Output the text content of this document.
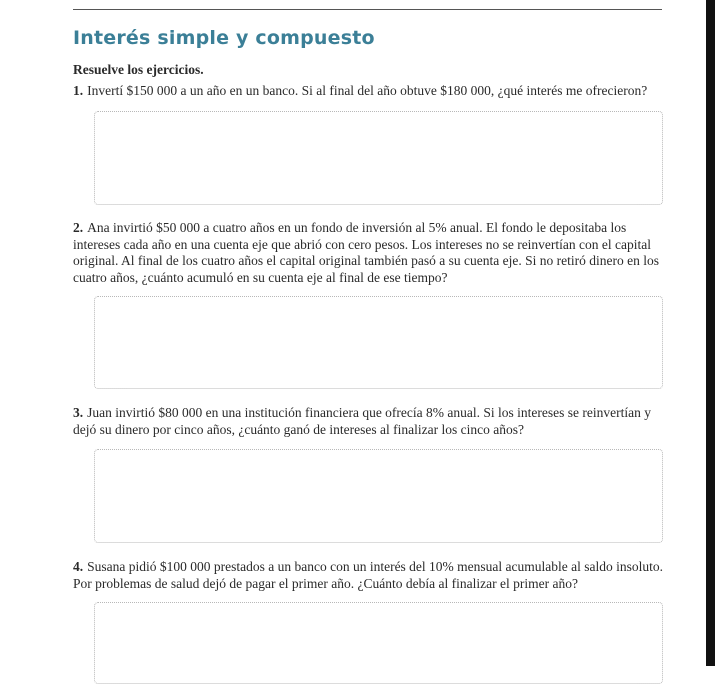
Interés simple y compuesto
Resuelve los ejercicios.
1. Invertí $150 000 a un año en un banco. Si al final del año obtuve $180 000, ¿qué interés me ofrecieron?
2. Ana invirtió $50 000 a cuatro años en un fondo de inversión al 5% anual. El fondo le depositaba los intereses cada año en una cuenta eje que abrió con cero pesos. Los intereses no se reinvertían con el capital original. Al final de los cuatro años el capital original también pasó a su cuenta eje. Si no retiró dinero en los cuatro años, ¿cuánto acumuló en su cuenta eje al final de ese tiempo?
3. Juan invirtió $80 000 en una institución financiera que ofrecía 8% anual. Si los intereses se reinvertían y dejó su dinero por cinco años, ¿cuánto ganó de intereses al finalizar los cinco años?
4. Susana pidió $100 000 prestados a un banco con un interés del 10% mensual acumulable al saldo insoluto. Por problemas de salud dejó de pagar el primer año. ¿Cuánto debía al finalizar el primer año?
